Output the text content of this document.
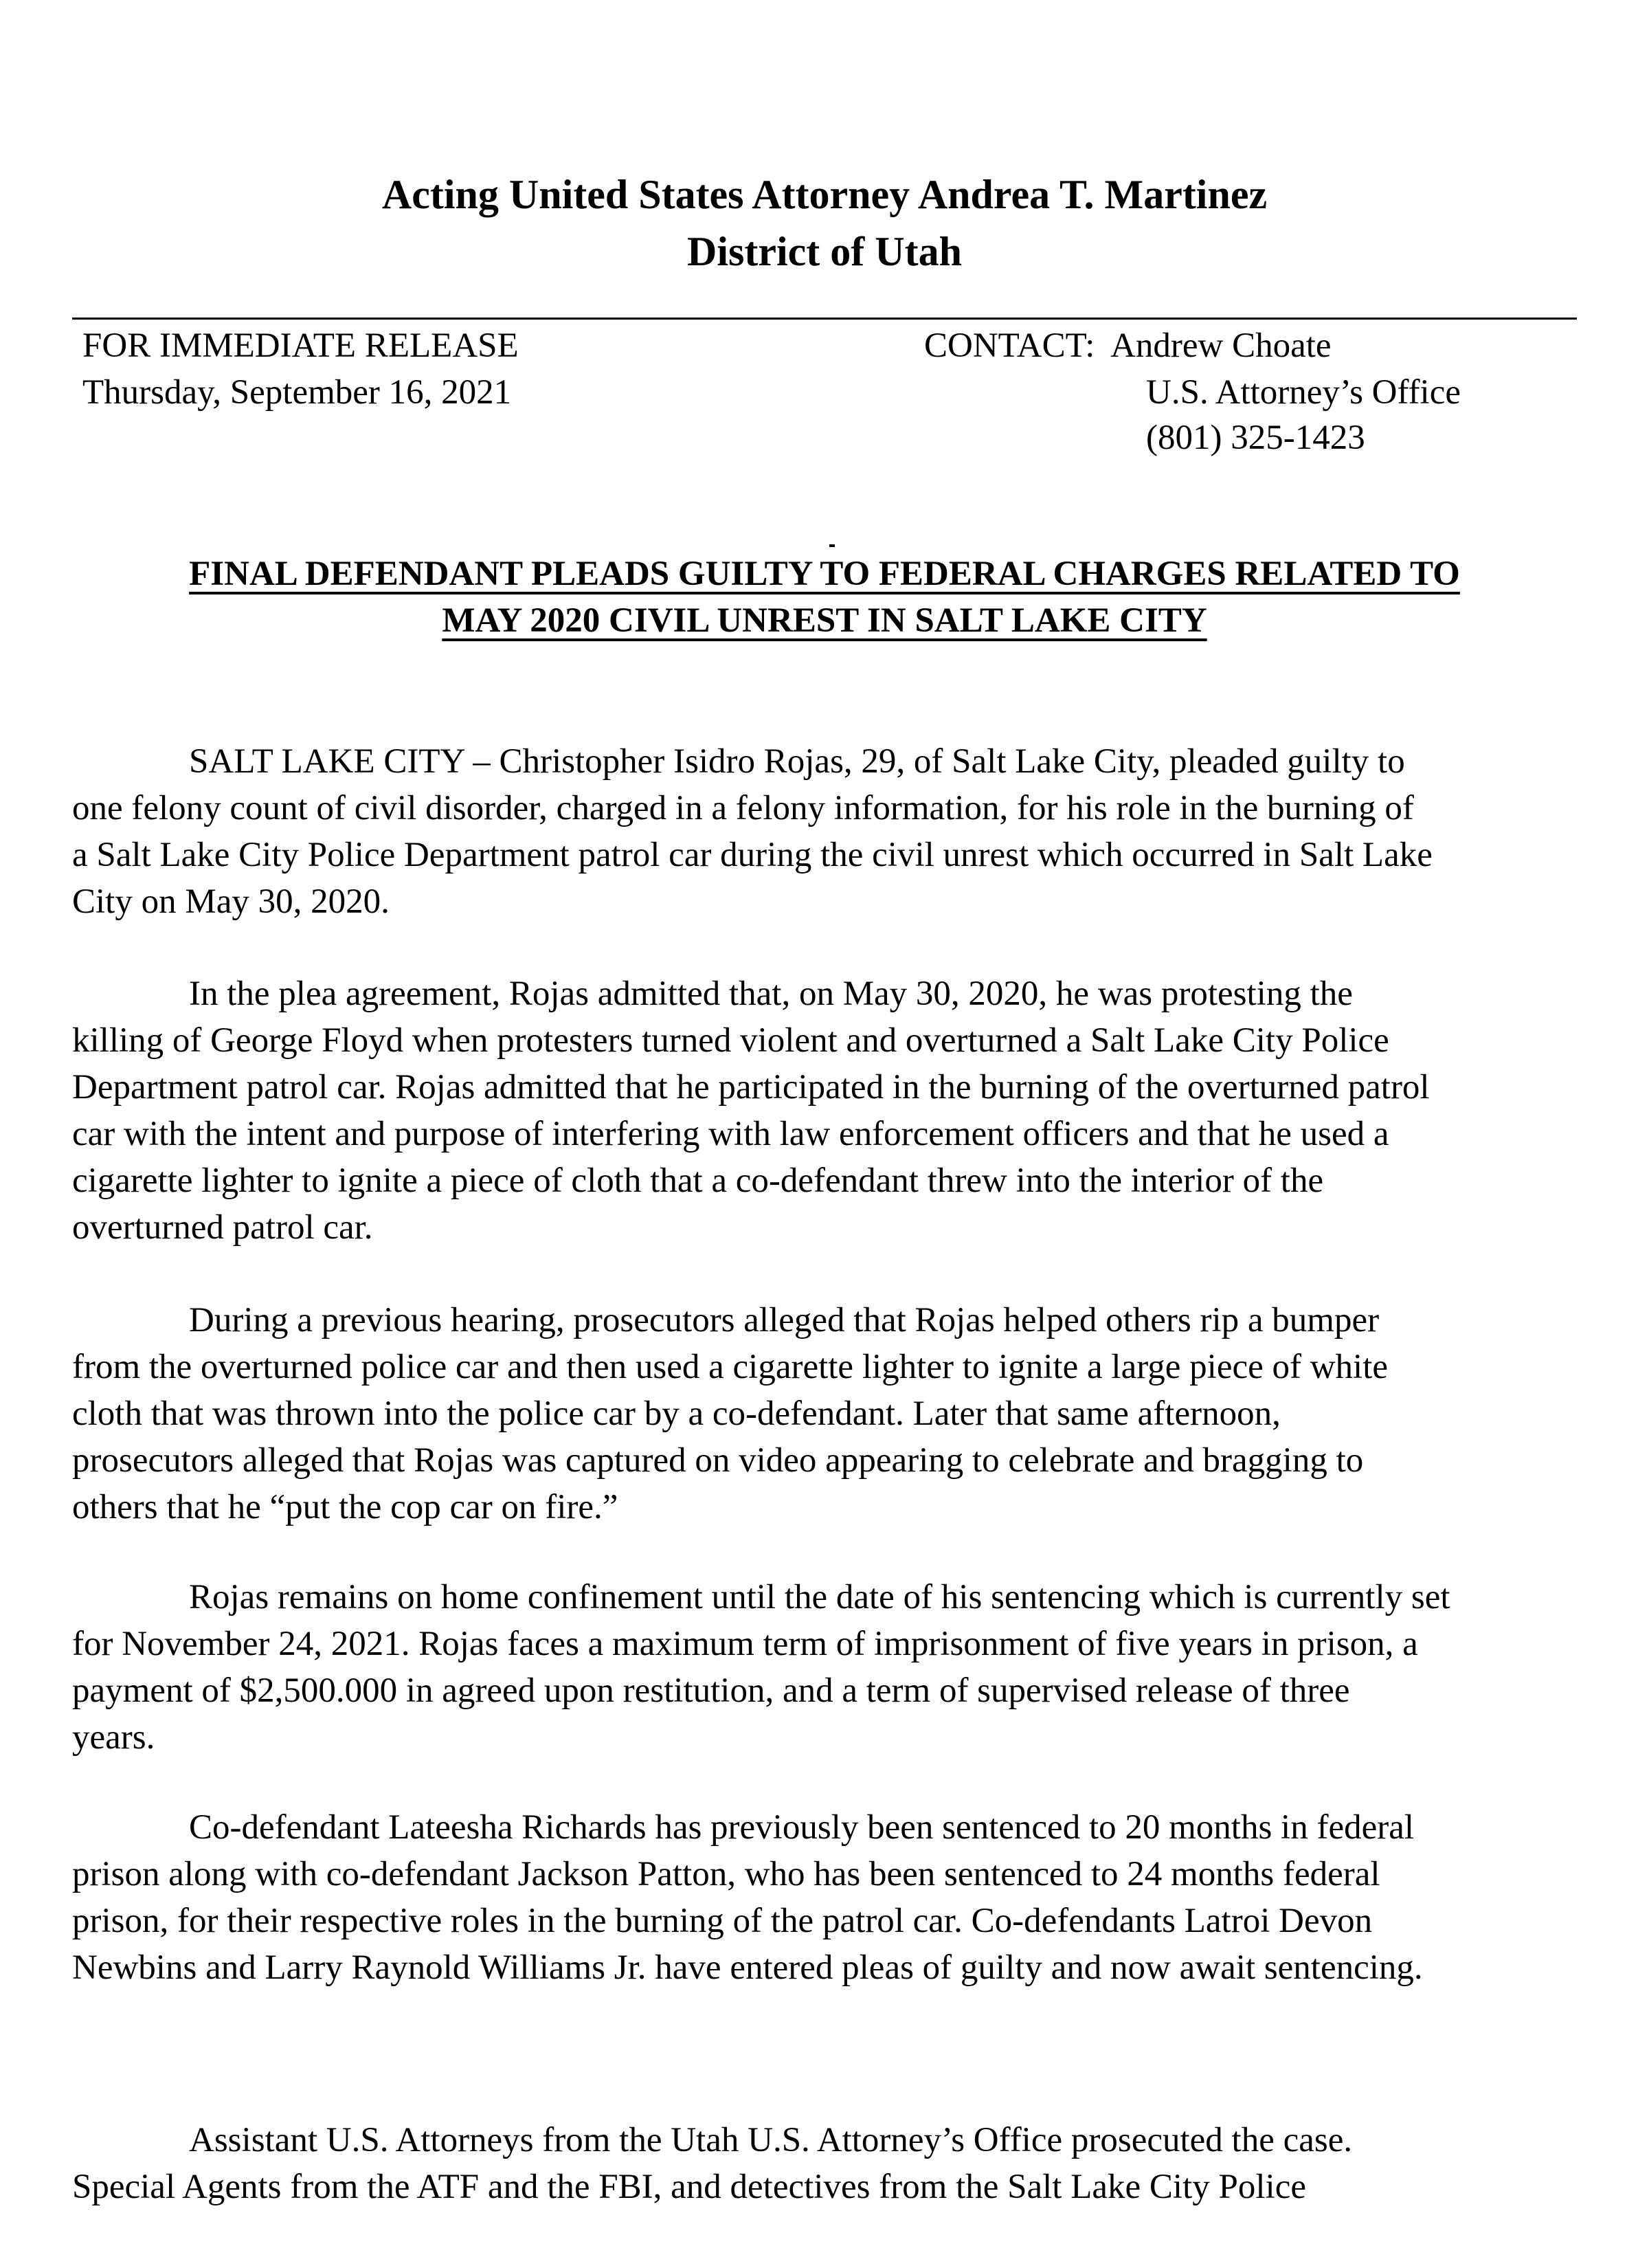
Acting United States Attorney Andrea T. Martinez
District of Utah
FOR IMMEDIATE RELEASE
Thursday, September 16, 2021
CONTACT: Andrew Choate
U.S. Attorney’s Office
(801) 325-1423
FINAL DEFENDANT PLEADS GUILTY TO FEDERAL CHARGES RELATED TO
MAY 2020 CIVIL UNREST IN SALT LAKE CITY
SALT LAKE CITY – Christopher Isidro Rojas, 29, of Salt Lake City, pleaded guilty to
one felony count of civil disorder, charged in a felony information, for his role in the burning of
a Salt Lake City Police Department patrol car during the civil unrest which occurred in Salt Lake
City on May 30, 2020.
In the plea agreement, Rojas admitted that, on May 30, 2020, he was protesting the
killing of George Floyd when protesters turned violent and overturned a Salt Lake City Police
Department patrol car. Rojas admitted that he participated in the burning of the overturned patrol
car with the intent and purpose of interfering with law enforcement officers and that he used a
cigarette lighter to ignite a piece of cloth that a co-defendant threw into the interior of the
overturned patrol car.
During a previous hearing, prosecutors alleged that Rojas helped others rip a bumper
from the overturned police car and then used a cigarette lighter to ignite a large piece of white
cloth that was thrown into the police car by a co-defendant. Later that same afternoon,
prosecutors alleged that Rojas was captured on video appearing to celebrate and bragging to
others that he “put the cop car on fire.”
Rojas remains on home confinement until the date of his sentencing which is currently set
for November 24, 2021. Rojas faces a maximum term of imprisonment of five years in prison, a
payment of $2,500.000 in agreed upon restitution, and a term of supervised release of three
years.
Co-defendant Lateesha Richards has previously been sentenced to 20 months in federal
prison along with co-defendant Jackson Patton, who has been sentenced to 24 months federal
prison, for their respective roles in the burning of the patrol car. Co-defendants Latroi Devon
Newbins and Larry Raynold Williams Jr. have entered pleas of guilty and now await sentencing.
Assistant U.S. Attorneys from the Utah U.S. Attorney’s Office prosecuted the case.
Special Agents from the ATF and the FBI, and detectives from the Salt Lake City Police
